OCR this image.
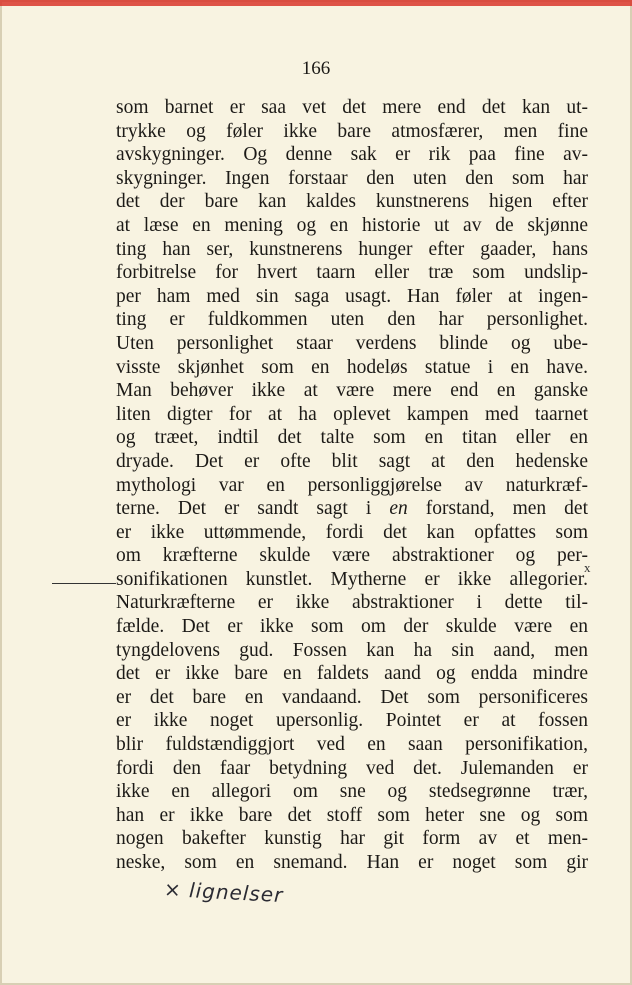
166
som barnet er saa vet det mere end det kan ut-
trykke og føler ikke bare atmosfærer, men fine
avskygninger. Og denne sak er rik paa fine av-
skygninger. Ingen forstaar den uten den som har
det der bare kan kaldes kunstnerens higen efter
at læse en mening og en historie ut av de skjønne
ting han ser, kunstnerens hunger efter gaader, hans
forbitrelse for hvert taarn eller træ som undslip-
per ham med sin saga usagt. Han føler at ingen-
ting er fuldkommen uten den har personlighet.
Uten personlighet staar verdens blinde og ube-
visste skjønhet som en hodeløs statue i en have.
Man behøver ikke at være mere end en ganske
liten digter for at ha oplevet kampen med taarnet
og træet, indtil det talte som en titan eller en
dryade. Det er ofte blit sagt at den hedenske
mythologi var en personliggjørelse av naturkræf-
terne. Det er sandt sagt i en forstand, men det
er ikke uttømmende, fordi det kan opfattes som
om kræfterne skulde være abstraktioner og per-
sonifikationen kunstlet. Mytherne er ikke allegorier.
Naturkræfterne er ikke abstraktioner i dette til-
fælde. Det er ikke som om der skulde være en
tyngdelovens gud. Fossen kan ha sin aand, men
det er ikke bare en faldets aand og endda mindre
er det bare en vandaand. Det som personificeres
er ikke noget upersonlig. Pointet er at fossen
blir fuldstændiggjort ved en saan personifikation,
fordi den faar betydning ved det. Julemanden er
ikke en allegori om sne og stedsegrønne trær,
han er ikke bare det stoff som heter sne og som
nogen bakefter kunstig har git form av et men-
neske, som en snemand. Han er noget som gir
x
× lignelser
